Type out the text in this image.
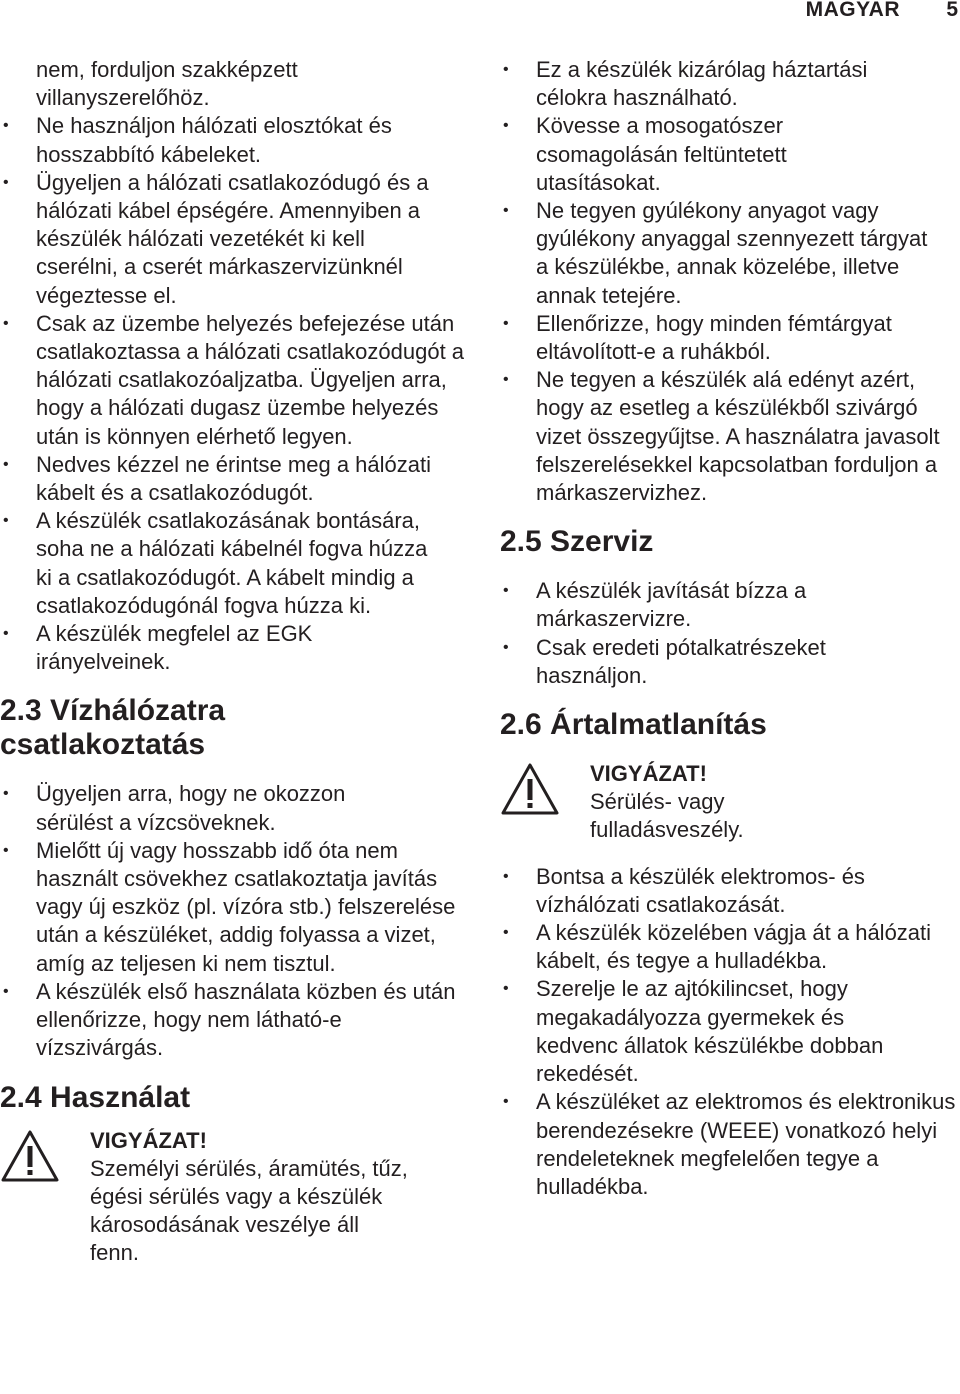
MAGYAR 5
nem, forduljon szakképzett
villanyszerelőhöz.
• Ne használjon hálózati elosztókat és hosszabbító kábeleket.
• Ügyeljen a hálózati csatlakozódugó és a hálózati kábel épségére. Amennyiben a készülék hálózati vezetékét ki kell cserélni, a cserét márkaszervizünknél végeztesse el.
• Csak az üzembe helyezés befejezése után csatlakoztassa a hálózati csatlakozódugót a hálózati csatlakozóaljzatba. Ügyeljen arra, hogy a hálózati dugasz üzembe helyezés után is könnyen elérhető legyen.
• Nedves kézzel ne érintse meg a hálózati kábelt és a csatlakozódugót.
• A készülék csatlakozásának bontására, soha ne a hálózati kábelnél fogva húzza ki a csatlakozódugót. A kábelt mindig a csatlakozódugónál fogva húzza ki.
• A készülék megfelel az EGK irányelveinek.
2.3 Vízhálózatra csatlakoztatás
• Ügyeljen arra, hogy ne okozzon sérülést a vízcsöveknek.
• Mielőtt új vagy hosszabb idő óta nem használt csövekhez csatlakoztatja javítás vagy új eszköz (pl. vízóra stb.) felszerelése után a készüléket, addig folyassa a vizet, amíg az teljesen ki nem tisztul.
• A készülék első használata közben és után ellenőrizze, hogy nem látható-e vízszivárgás.
2.4 Használat
VIGYÁZAT!
Személyi sérülés, áramütés, tűz, égési sérülés vagy a készülék károsodásának veszélye áll fenn.
• Ez a készülék kizárólag háztartási célokra használható.
• Kövesse a mosogatószer csomagolásán feltüntetett utasításokat.
• Ne tegyen gyúlékony anyagot vagy gyúlékony anyaggal szennyezett tárgyat a készülékbe, annak közelébe, illetve annak tetejére.
• Ellenőrizze, hogy minden fémtárgyat eltávolított-e a ruhákból.
• Ne tegyen a készülék alá edényt azért, hogy az esetleg a készülékből szivárgó vizet összegyűjtse. A használatra javasolt felszerelésekkel kapcsolatban forduljon a márkaszervizhez.
2.5 Szerviz
• A készülék javítását bízza a márkaszervizre.
• Csak eredeti pótalkatrészeket használjon.
2.6 Ártalmatlanítás
VIGYÁZAT!
Sérülés- vagy fulladásveszély.
• Bontsa a készülék elektromos- és vízhálózati csatlakozását.
• A készülék közelében vágja át a hálózati kábelt, és tegye a hulladékba.
• Szerelje le az ajtókilincset, hogy megakadályozza gyermekek és kedvenc állatok készülékbe dobban rekedését.
• A készüléket az elektromos és elektronikus berendezésekre (WEEE) vonatkozó helyi rendeleteknek megfelelően tegye a hulladékba.
